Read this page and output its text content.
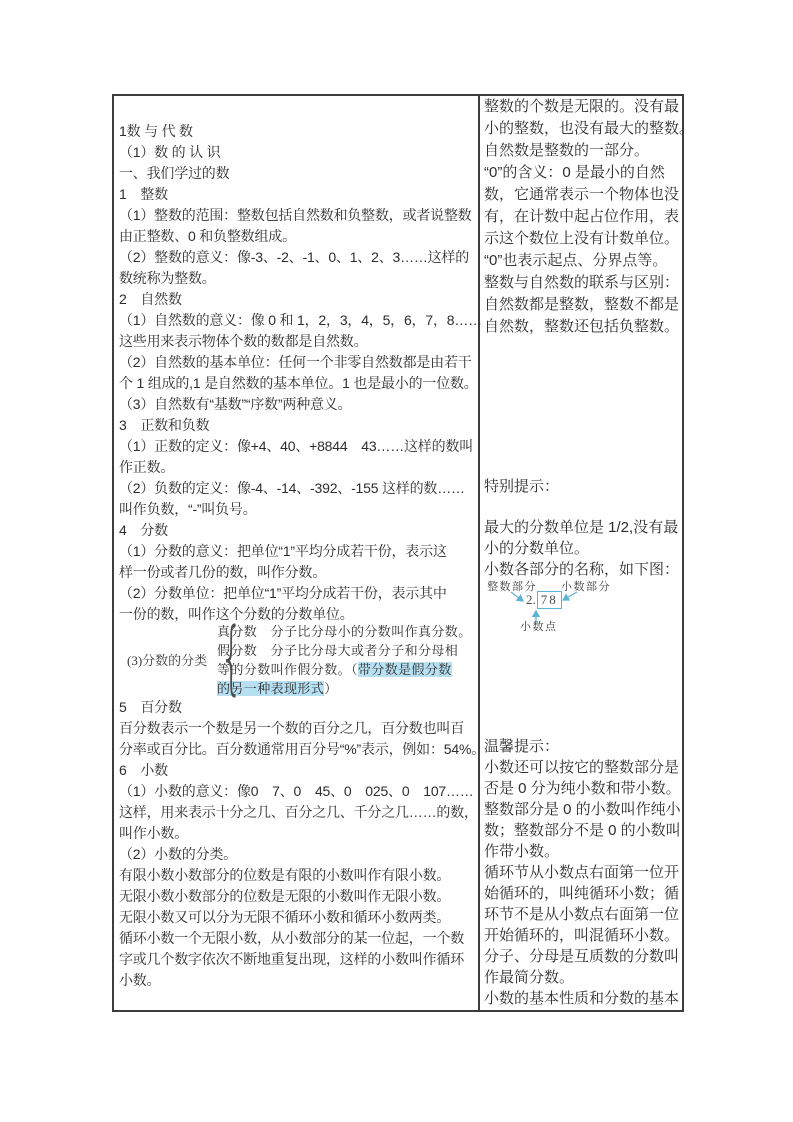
1数 与 代 数
（1）数 的 认 识
一、我们学过的数
1　整数
（1）整数的范围：整数包括自然数和负整数，或者说整数
由正整数、0 和负整数组成。
（2）整数的意义：像-3、-2、-1、0、1、2、3……这样的
数统称为整数。
2　自然数
（1）自然数的意义：像 0 和 1，2，3，4，5，6，7，8……
这些用来表示物体个数的数都是自然数。
（2）自然数的基本单位：任何一个非零自然数都是由若干
个 1 组成的,1 是自然数的基本单位。1 也是最小的一位数。
（3）自然数有“基数”“序数”两种意义。
3　正数和负数
（1）正数的定义：像+4、40、+8844　43……这样的数叫
作正数。
（2）负数的定义：像-4、-14、-392、-155 这样的数……
叫作负数，“-”叫负号。
4　分数
（1）分数的意义：把单位“1”平均分成若干份，表示这
样一份或者几份的数，叫作分数。
（2）分数单位：把单位“1”平均分成若干份，表示其中
一份的数，叫作这个分数的分数单位。
(3)分数的分类 {
真分数　分子比分母小的分数叫作真分数。
假分数　分子比分母大或者分子和分母相
等的分数叫作假分数。（带分数是假分数
的另一种表现形式）
5　百分数
百分数表示一个数是另一个数的百分之几，百分数也叫百
分率或百分比。百分数通常用百分号“%”表示，例如：54%。
6　小数
（1）小数的意义：像0　7、0　45、0　025、0　107……
这样，用来表示十分之几、百分之几、千分之几……的数，
叫作小数。
（2）小数的分类。
有限小数小数部分的位数是有限的小数叫作有限小数。
无限小数小数部分的位数是无限的小数叫作无限小数。
无限小数又可以分为无限不循环小数和循环小数两类。
循环小数一个无限小数，从小数部分的某一位起，一个数
字或几个数字依次不断地重复出现，这样的小数叫作循环
小数。
整数的个数是无限的。没有最
小的整数，也没有最大的整数。
自然数是整数的一部分。
“0”的含义：0 是最小的自然
数，它通常表示一个物体也没
有，在计数中起占位作用，表
示这个数位上没有计数单位。
“0”也表示起点、分界点等。
整数与自然数的联系与区别：
自然数都是整数，整数不都是
自然数，整数还包括负整数。
特别提示：
最大的分数单位是 1/2,没有最
小的分数单位。
小数各部分的名称，如下图：
整数部分 小数部分
2 . 78
小数点
温馨提示：
小数还可以按它的整数部分是
否是 0 分为纯小数和带小数。
整数部分是 0 的小数叫作纯小
数；整数部分不是 0 的小数叫
作带小数。
循环节从小数点右面第一位开
始循环的，叫纯循环小数；循
环节不是从小数点右面第一位
开始循环的，叫混循环小数。
分子、分母是互质数的分数叫
作最简分数。
小数的基本性质和分数的基本
